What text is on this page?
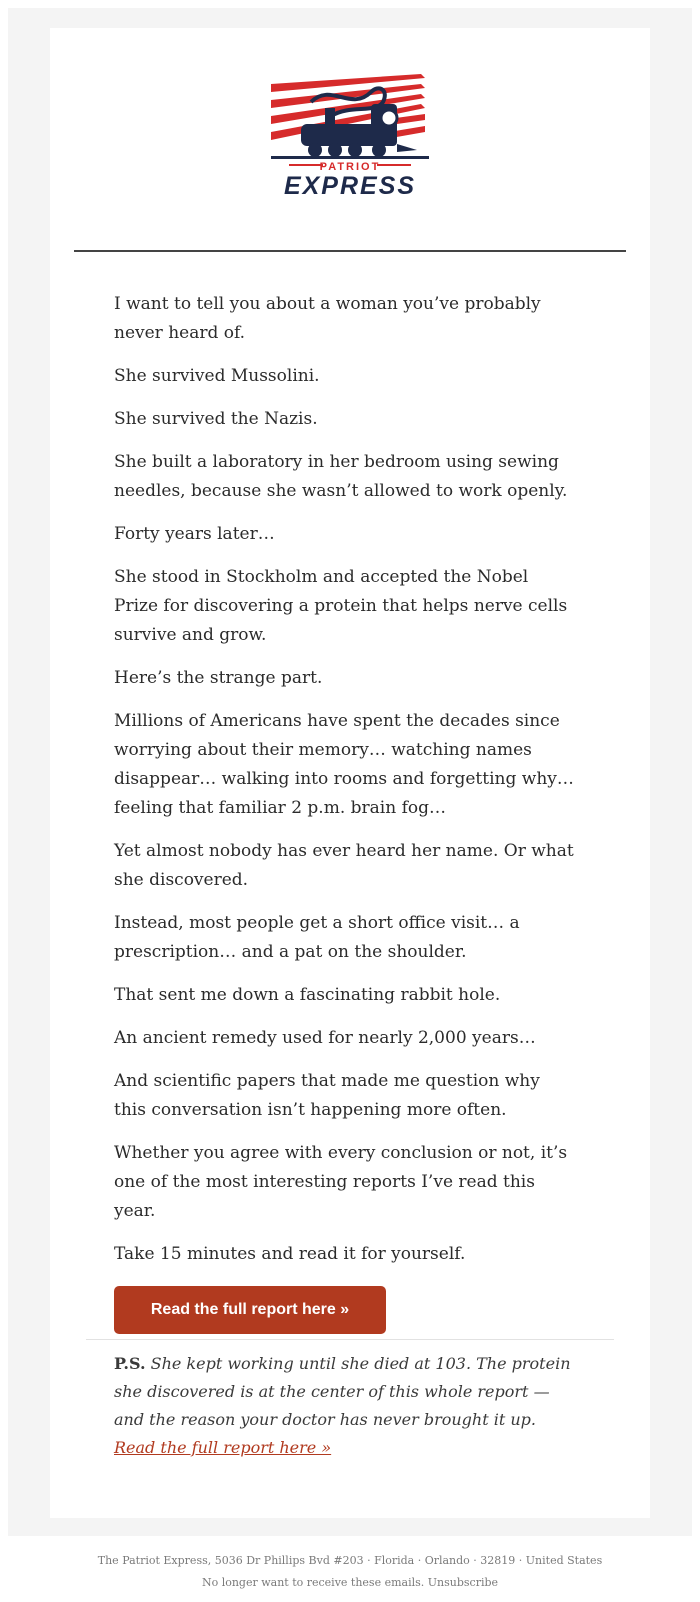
PATRIOT
EXPRESS

I want to tell you about a woman you’ve probably never heard of.

She survived Mussolini.

She survived the Nazis.

She built a laboratory in her bedroom using sewing needles, because she wasn’t allowed to work openly.

Forty years later…

She stood in Stockholm and accepted the Nobel Prize for discovering a protein that helps nerve cells survive and grow.

Here’s the strange part.

Millions of Americans have spent the decades since worrying about their memory… watching names disappear… walking into rooms and forgetting why… feeling that familiar 2 p.m. brain fog…

Yet almost nobody has ever heard her name. Or what she discovered.

Instead, most people get a short office visit… a prescription… and a pat on the shoulder.

That sent me down a fascinating rabbit hole.

An ancient remedy used for nearly 2,000 years…

And scientific papers that made me question why this conversation isn’t happening more often.

Whether you agree with every conclusion or not, it’s one of the most interesting reports I’ve read this year.

Take 15 minutes and read it for yourself.

Read the full report here »
P.S. She kept working until she died at 103. The protein she discovered is at the center of this whole report — and the reason your doctor has never brought it up. Read the full report here »
The Patriot Express, 5036 Dr Phillips Bvd #203 · Florida · Orlando · 32819 · United States
No longer want to receive these emails. Unsubscribe
